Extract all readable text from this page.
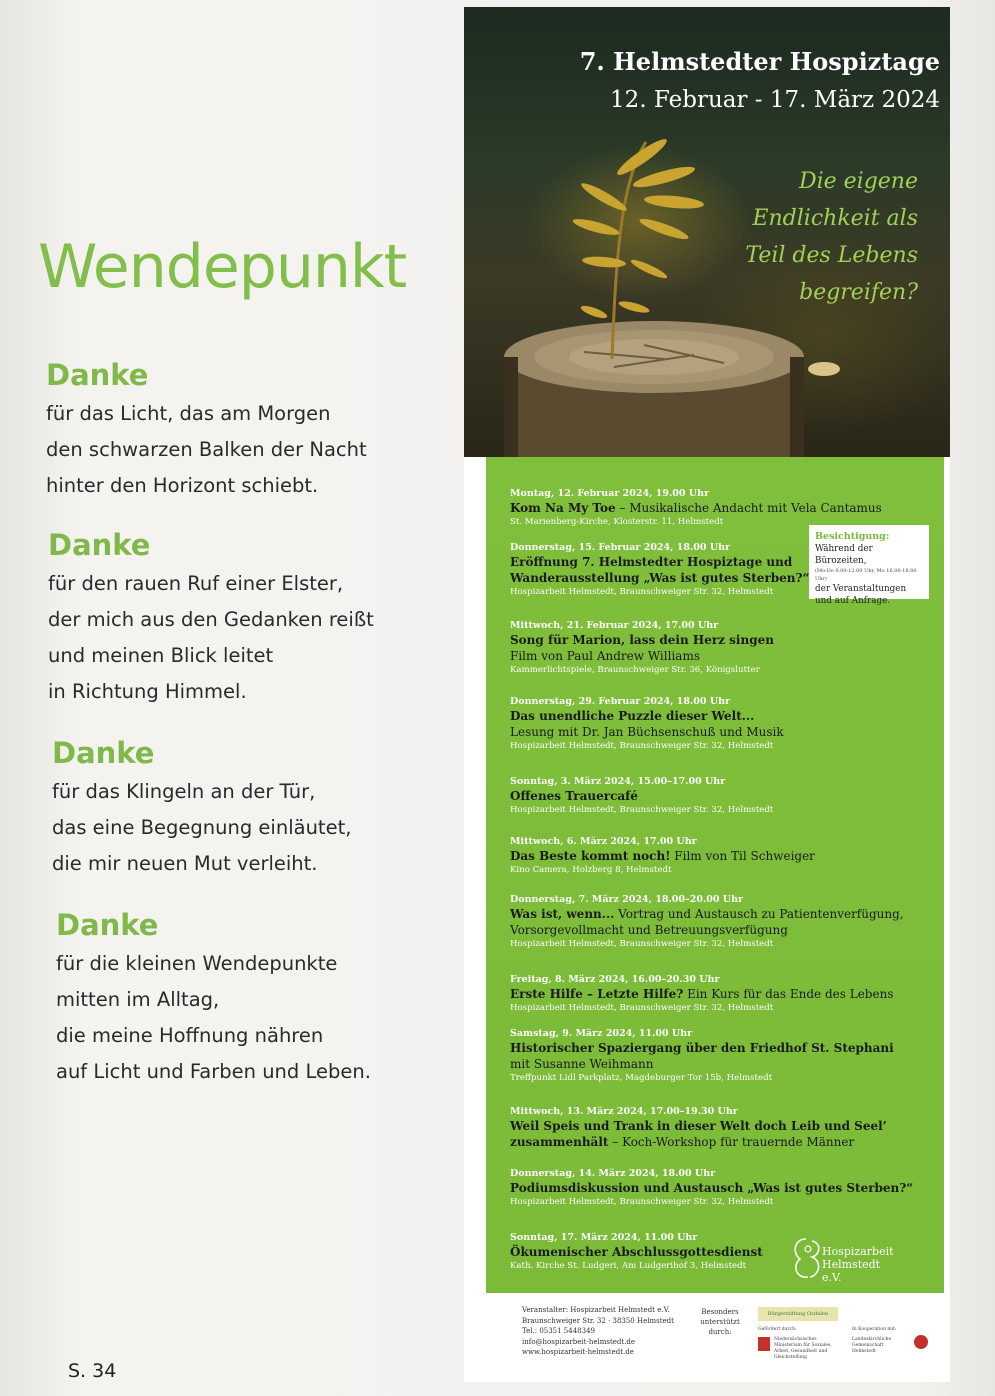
Wendepunkt
Danke
für das Licht, das am Morgen
den schwarzen Balken der Nacht
hinter den Horizont schiebt.
Danke
für den rauen Ruf einer Elster,
der mich aus den Gedanken reißt
und meinen Blick leitet
in Richtung Himmel.
Danke
für das Klingeln an der Tür,
das eine Begegnung einläutet,
die mir neuen Mut verleiht.
Danke
für die kleinen Wendepunkte
mitten im Alltag,
die meine Hoffnung nähren
auf Licht und Farben und Leben.
S. 34
7. Helmstedter Hospiztage
12. Februar - 17. März 2024
Die eigene
Endlichkeit als
Teil des Lebens
begreifen?
Montag, 12. Februar 2024, 19.00 Uhr
Kom Na My Toe – Musikalische Andacht mit Vela Cantamus
St. Marienberg-Kirche, Klosterstr. 11, Helmstedt
Donnerstag, 15. Februar 2024, 18.00 Uhr
Eröffnung 7. Helmstedter Hospiztage und Wanderausstellung „Was ist gutes Sterben?“
Hospizarbeit Helmstedt, Braunschweiger Str. 32, Helmstedt
Mittwoch, 21. Februar 2024, 17.00 Uhr
Song für Marion, lass dein Herz singen
Film von Paul Andrew Williams
Kammerlichtspiele, Braunschweiger Str. 36, Königslutter
Donnerstag, 29. Februar 2024, 18.00 Uhr
Das unendliche Puzzle dieser Welt...
Lesung mit Dr. Jan Büchsenschuß und Musik
Hospizarbeit Helmstedt, Braunschweiger Str. 32, Helmstedt
Sonntag, 3. März 2024, 15.00–17.00 Uhr
Offenes Trauercafé
Hospizarbeit Helmstedt, Braunschweiger Str. 32, Helmstedt
Mittwoch, 6. März 2024, 17.00 Uhr
Das Beste kommt noch! Film von Til Schweiger
Kino Camera, Holzberg 8, Helmstedt
Donnerstag, 7. März 2024, 18.00–20.00 Uhr
Was ist, wenn... Vortrag und Austausch zu Patientenverfügung, Vorsorgevollmacht und Betreuungsverfügung
Hospizarbeit Helmstedt, Braunschweiger Str. 32, Helmstedt
Freitag, 8. März 2024, 16.00–20.30 Uhr
Erste Hilfe – Letzte Hilfe? Ein Kurs für das Ende des Lebens
Hospizarbeit Helmstedt, Braunschweiger Str. 32, Helmstedt
Samstag, 9. März 2024, 11.00 Uhr
Historischer Spaziergang über den Friedhof St. Stephani
mit Susanne Weihmann
Treffpunkt Lidl Parkplatz, Magdeburger Tor 15b, Helmstedt
Mittwoch, 13. März 2024, 17.00–19.30 Uhr
Weil Speis und Trank in dieser Welt doch Leib und Seel’ zusammenhält – Koch-Workshop für trauernde Männer
Donnerstag, 14. März 2024, 18.00 Uhr
Podiumsdiskussion und Austausch „Was ist gutes Sterben?“
Hospizarbeit Helmstedt, Braunschweiger Str. 32, Helmstedt
Sonntag, 17. März 2024, 11.00 Uhr
Ökumenischer Abschlussgottesdienst
Kath. Kirche St. Ludgeri, Am Ludgerihof 3, Helmstedt
Hospizarbeit
Helmstedt e.V.
Veranstalter: Hospizarbeit Helmstedt e.V.
Braunschweiger Str. 32 · 38350 Helmstedt
Tel.: 05351 5448349
info@hospizarbeit-helmstedt.de
www.hospizarbeit-helmstedt.de
Besonders
unterstützt
durch:
Bürgerstiftung Ostfalen
Gefördert durch:
Niedersächsisches Ministerium für Soziales, Arbeit, Gesundheit und Gleichstellung
In Kooperation mit:
Landeskirchliche Gemeinschaft Helmstedt
Besichtigung:
Während der Bürozeiten,
(Mo-Do 9.00-12.00 Uhr, Mo 16.00-18.00 Uhr)
der Veranstaltungen
und auf Anfrage.
